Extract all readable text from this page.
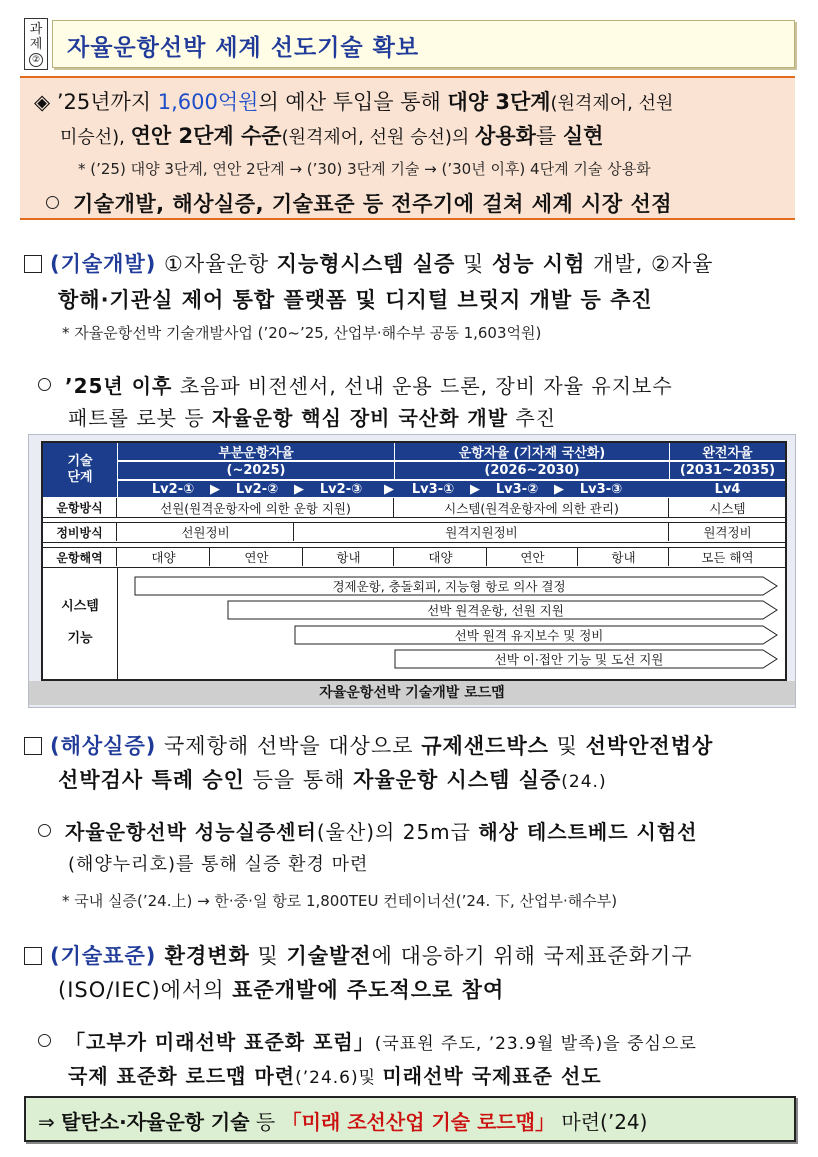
과
제
② 자율운항선박 세계 선도기술 확보
◈ ’25년까지 1,600억원의 예산 투입을 통해 대양 3단계(원격제어, 선원
미승선), 연안 2단계 수준(원격제어, 선원 승선)의 상용화를 실현
* (’25) 대양 3단계, 연안 2단계 → (’30) 3단계 기술 → (’30년 이후) 4단계 기술 상용화
기술개발, 해상실증, 기술표준 등 전주기에 걸쳐 세계 시장 선점
(기술개발) ①자율운항 지능형시스템 실증 및 성능 시험 개발, ②자율
항해·기관실 제어 통합 플랫폼 및 디지털 브릿지 개발 등 추진
* 자율운항선박 기술개발사업 (’20~’25, 산업부·해수부 공동 1,603억원)
’25년 이후 초음파 비전센서, 선내 운용 드론, 장비 자율 유지보수
패트롤 로봇 등 자율운항 핵심 장비 국산화 개발 추진
기술
단계
부분운항자율	운항자율 (기자재 국산화)	완전자율
(~2025)	(2026~2030)	(2031~2035)
Lv2-①	▶	Lv2-②	▶	Lv2-③	▶	Lv3-①	▶	Lv3-②	▶	Lv3-③	Lv4
운항방식	선원(원격운항자에 의한 운항 지원)	시스템(원격운항자에 의한 관리)	시스템
정비방식	선원정비	원격지원정비	원격정비
운항해역	대양	연안	항내	대양	연안	항내	모든 해역
시스템
기능
경제운항, 충돌회피, 지능형 항로 의사 결정
선박 원격운항, 선원 지원
선박 원격 유지보수 및 정비
선박 이·접안 기능 및 도선 지원
자율운항선박 기술개발 로드맵
(해상실증) 국제항해 선박을 대상으로 규제샌드박스 및 선박안전법상
선박검사 특례 승인 등을 통해 자율운항 시스템 실증(24.)
자율운항선박 성능실증센터(울산)의 25m급 해상 테스트베드 시험선
(해양누리호)를 통해 실증 환경 마련
* 국내 실증(’24.上) → 한·중·일 항로 1,800TEU 컨테이너선(’24. 下, 산업부·해수부)
(기술표준) 환경변화 및 기술발전에 대응하기 위해 국제표준화기구
(ISO/IEC)에서의 표준개발에 주도적으로 참여
「고부가 미래선박 표준화 포럼」(국표원 주도, ’23.9월 발족)을 중심으로
국제 표준화 로드맵 마련(’24.6)및 미래선박 국제표준 선도
⇒ 탈탄소·자율운항 기술 등 「미래 조선산업 기술 로드맵」 마련(’24)
